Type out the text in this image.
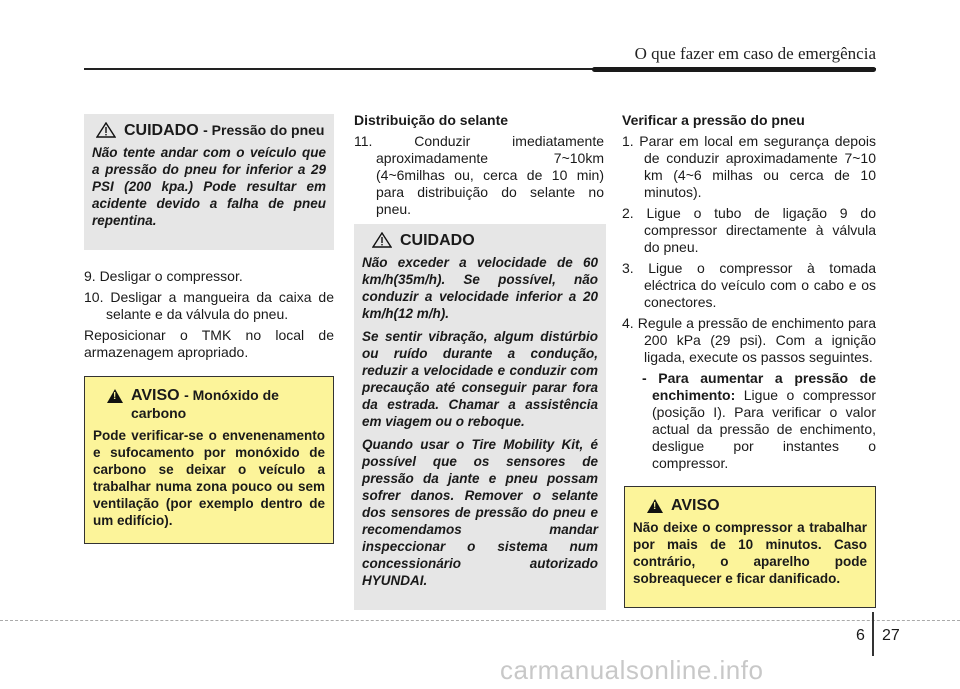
O que fazer em caso de emergência
CUIDADO - Pressão do pneu
Não tente andar com o veículo que a pressão do pneu for inferior a 29 PSI (200 kpa.) Pode resultar em acidente devido a falha de pneu repentina.

9. Desligar o compressor.

10. Desligar a mangueira da caixa de selante e da válvula do pneu.

Reposicionar o TMK no local de armazenagem apropriado.

!
AVISO - Monóxido de carbono
Pode verificar-se o envenenamento e sufocamento por monóxido de carbono se deixar o veículo a trabalhar numa zona pouco ou sem ventilação (por exemplo dentro de um edifício).

Distribuição do selante

11. Conduzir imediatamente aproximadamente 7~10km (4~6milhas ou, cerca de 10 min) para distribuição do selante no pneu.

CUIDADO
Não exceder a velocidade de 60 km/h(35m/h). Se possível, não conduzir a velocidade inferior a 20 km/h(12 m/h).
Se sentir vibração, algum distúrbio ou ruído durante a condução, reduzir a velocidade e conduzir com precaução até conseguir parar fora da estrada. Chamar a assistência em viagem ou o reboque.
Quando usar o Tire Mobility Kit, é possível que os sensores de pressão da jante e pneu possam sofrer danos. Remover o selante dos sensores de pressão do pneu e recomendamos mandar inspeccionar o sistema num concessionário autorizado HYUNDAI.

Verificar a pressão do pneu

1. Parar em local em segurança depois de conduzir aproximadamente 7~10 km (4~6 milhas ou cerca de 10 minutos).

2. Ligue o tubo de ligação 9 do compressor directamente à válvula do pneu.

3. Ligue o compressor à tomada eléctrica do veículo com o cabo e os conectores.

4. Regule a pressão de enchimento para 200 kPa (29 psi). Com a ignição ligada, execute os passos seguintes.

- Para aumentar a pressão de enchimento: Ligue o compressor (posição I). Para verificar o valor actual da pressão de enchimento, desligue por instantes o compressor.

!
AVISO
Não deixe o compressor a trabalhar por mais de 10 minutos. Caso contrário, o aparelho pode sobreaquecer e ficar danificado.
6 27
carmanualsonline.info
